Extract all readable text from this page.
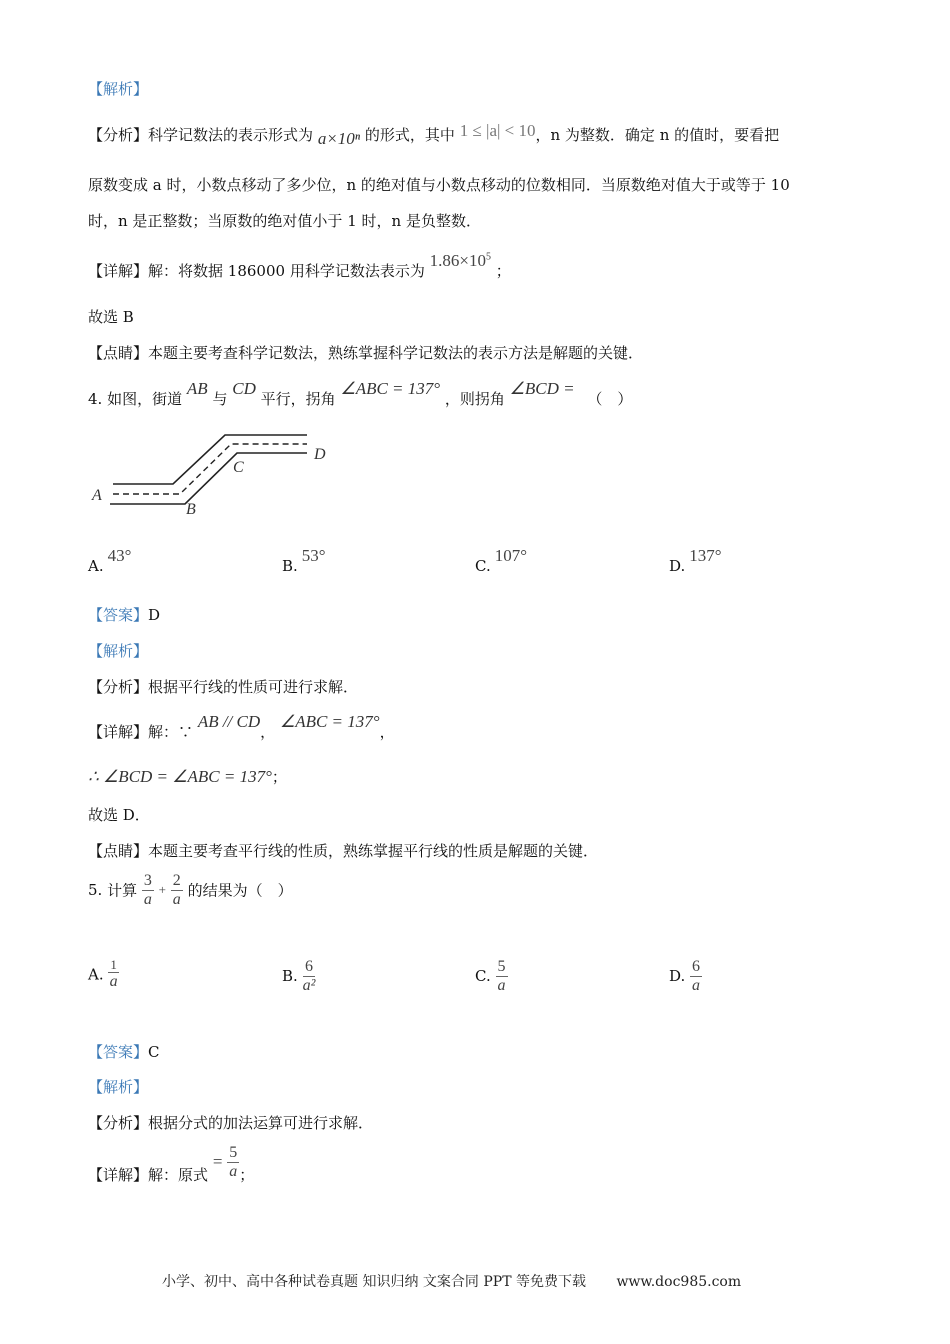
【解析】
【分析】科学记数法的表示形式为 a×10ⁿ 的形式，其中 1 ≤ |a| < 10，n 为整数．确定 n 的值时，要看把
原数变成 a 时，小数点移动了多少位，n 的绝对值与小数点移动的位数相同．当原数绝对值大于或等于 10
时，n 是正整数；当原数的绝对值小于 1 时，n 是负整数．
【详解】解：将数据 186000 用科学记数法表示为 $1.86\times 10^5$ ；
故选 B
【点睛】本题主要考查科学记数法，熟练掌握科学记数法的表示方法是解题的关键．
4. 如图，街道 AB 与 CD 平行，拐角 ∠ABC = 137° ，则拐角 ∠BCD = （　）
A
B
C
D
A.43°
B.53°
C.107°
D.137°
【答案】D
【解析】
【分析】根据平行线的性质可进行求解．
【详解】解：∵ AB // CD， ∠ABC = 137°，
∴ ∠BCD = ∠ABC = 137°；
故选 D．
【点睛】本题主要考查平行线的性质，熟练掌握平行线的性质是解题的关键．
5. 计算 $\frac{3}{a} + \frac{2}{a}$ 的结果为（　）
A. $\frac{1}{a}$	B. $\frac{6}{\text{a²}}$	C. $\frac{5}{a}$	D. $\frac{6}{a}$
【答案】C
【解析】
【分析】根据分式的加法运算可进行求解．
【详解】解：原式 = $\frac{5}{a}$ ；
小学、初中、高中各种试卷真题 知识归纳 文案合同 PPT 等免费下载 www.doc985.com
